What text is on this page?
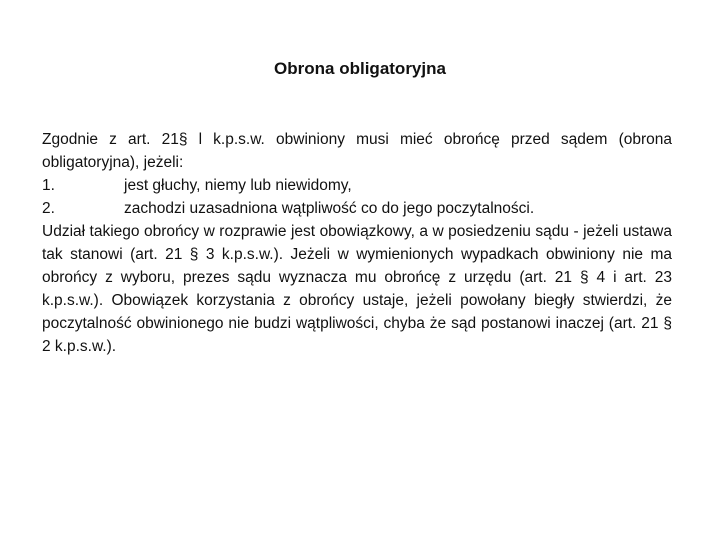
Obrona obligatoryjna

Zgodnie z art. 21§ l k.p.s.w. obwiniony musi mieć obrońcę przed sądem (obrona obligatoryjna), jeżeli:

1.	jest głuchy, niemy lub niewidomy,
2.	zachodzi uzasadniona wątpliwość co do jego poczytalności.

Udział takiego obrońcy w rozprawie jest obowiązkowy, a w posiedzeniu sądu - jeżeli ustawa tak stanowi (art. 21 § 3 k.p.s.w.). Jeżeli w wymienionych wypadkach obwiniony nie ma obrońcy z wyboru, prezes sądu wyznacza mu obrońcę z urzędu (art. 21 § 4 i art. 23 k.p.s.w.). Obowiązek korzystania z obrońcy ustaje, jeżeli powołany biegły stwierdzi, że poczytalność obwinionego nie budzi wątpliwości, chyba że sąd postanowi inaczej (art. 21 § 2 k.p.s.w.).
